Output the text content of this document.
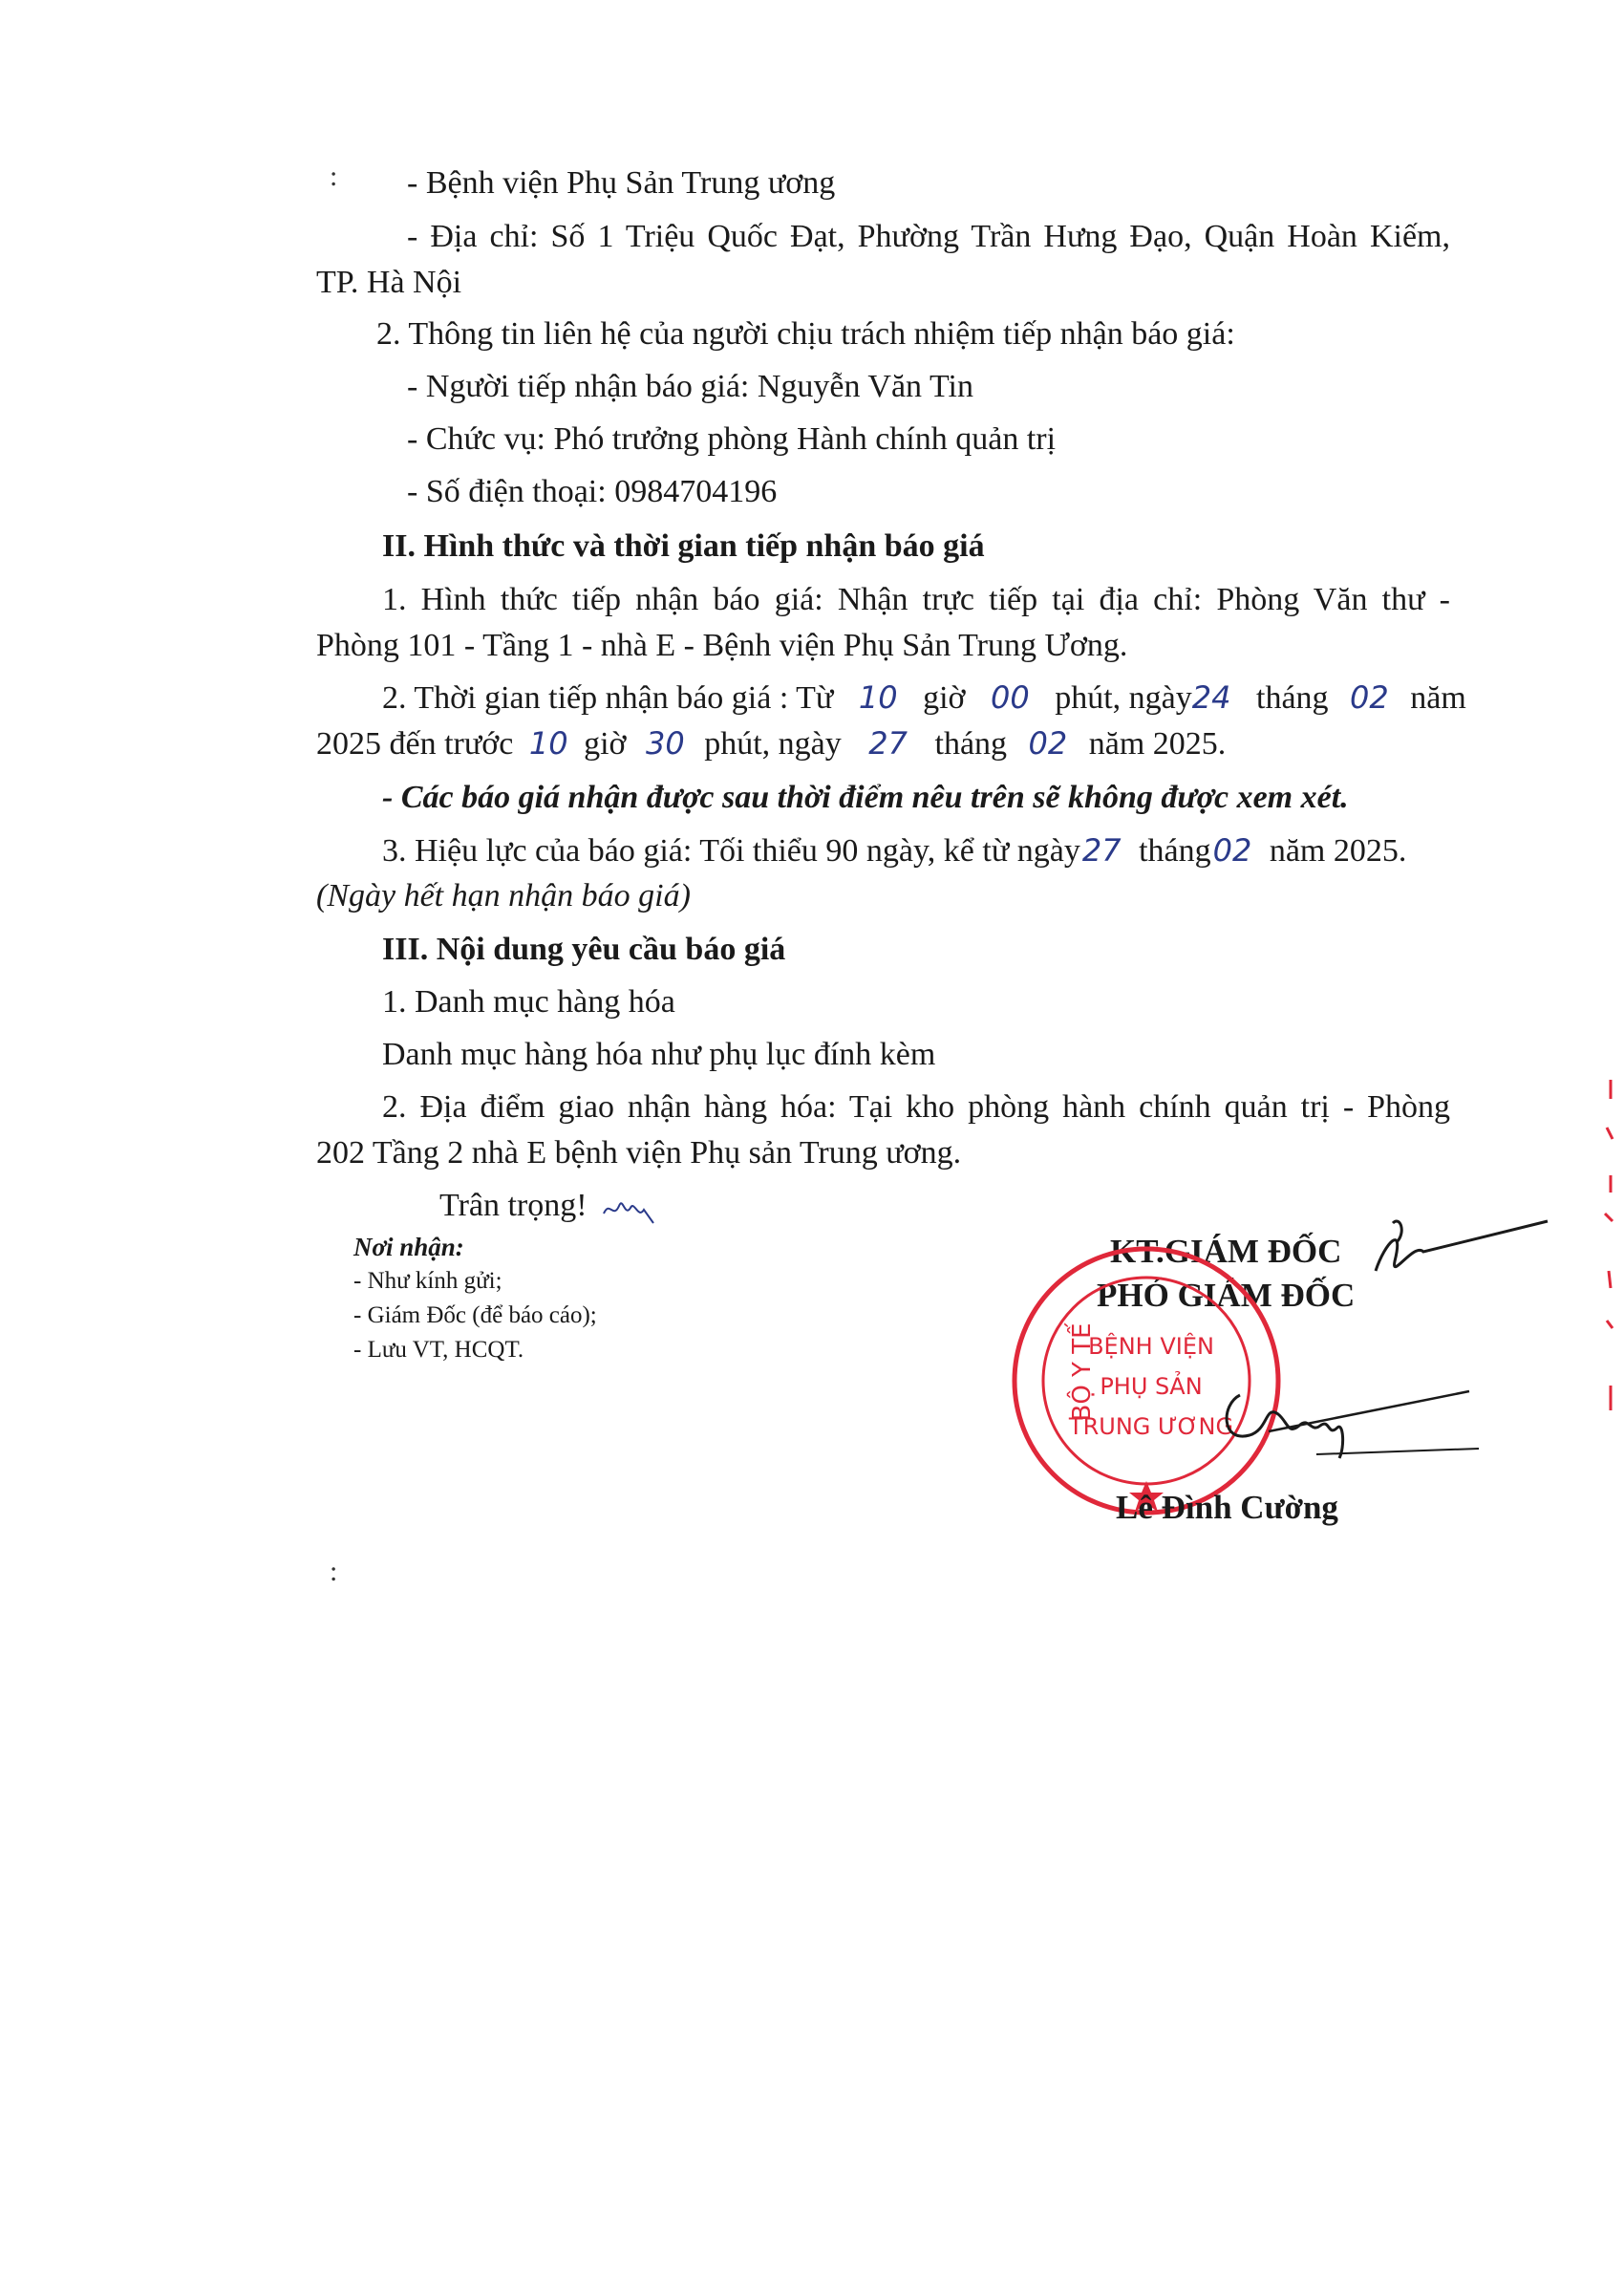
:
:
- Bệnh viện Phụ Sản Trung ương
- Địa chỉ: Số 1 Triệu Quốc Đạt, Phường Trần Hưng Đạo, Quận Hoàn Kiếm,
TP. Hà Nội
2. Thông tin liên hệ của người chịu trách nhiệm tiếp nhận báo giá:
- Người tiếp nhận báo giá: Nguyễn Văn Tin
- Chức vụ: Phó trưởng phòng Hành chính quản trị
- Số điện thoại: 0984704196
II. Hình thức và thời gian tiếp nhận báo giá
1. Hình thức tiếp nhận báo giá: Nhận trực tiếp tại địa chỉ: Phòng Văn thư -
Phòng 101 - Tầng 1 - nhà E - Bệnh viện Phụ Sản Trung Ương.
2. Thời gian tiếp nhận báo giá : Từ 10 giờ 00 phút, ngày24 tháng 02 năm
2025 đến trước 10 giờ 30 phút, ngày 27 tháng 02 năm 2025.
- Các báo giá nhận được sau thời điểm nêu trên sẽ không được xem xét.
3. Hiệu lực của báo giá: Tối thiểu 90 ngày, kể từ ngày27 tháng02 năm 2025.
(Ngày hết hạn nhận báo giá)
III. Nội dung yêu cầu báo giá
1. Danh mục hàng hóa
Danh mục hàng hóa như phụ lục đính kèm
2. Địa điểm giao nhận hàng hóa: Tại kho phòng hành chính quản trị - Phòng
202 Tầng 2 nhà E bệnh viện Phụ sản Trung ương.
Trân trọng!
Nơi nhận:
- Như kính gửi;
- Giám Đốc (để báo cáo);
- Lưu VT, HCQT.
KT.GIÁM ĐỐC
PHÓ GIÁM ĐỐC
BỘ Y TẾ
BỆNH VIỆN
PHỤ SẢN
TRUNG ƯƠNG
Lê Đình Cường
